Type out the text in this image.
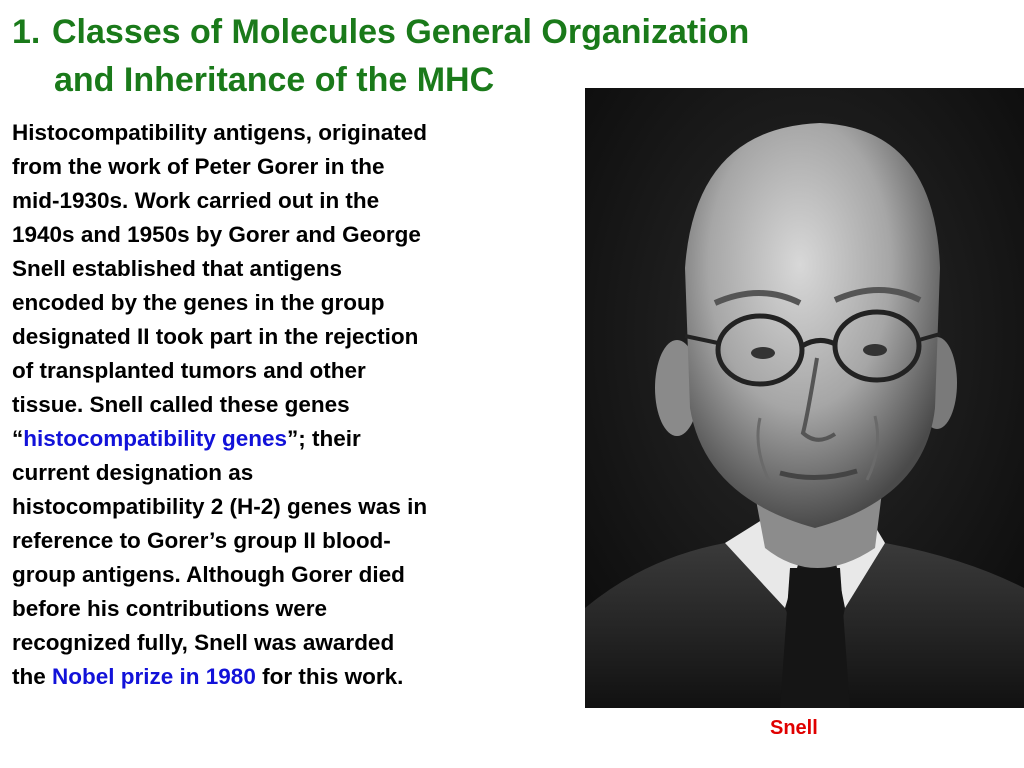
1. Classes of Molecules General Organization
and Inheritance of the MHC
Histocompatibility antigens, originated
from the work of Peter Gorer in the
mid-1930s. Work carried out in the
1940s and 1950s by Gorer and George
Snell established that antigens
encoded by the genes in the group
designated II took part in the rejection
of transplanted tumors and other
tissue. Snell called these genes
“histocompatibility genes”; their
current designation as
histocompatibility 2 (H-2) genes was in
reference to Gorer’s group II blood-
group antigens. Although Gorer died
before his contributions were
recognized fully, Snell was awarded
the Nobel prize in 1980 for this work.
Snell
